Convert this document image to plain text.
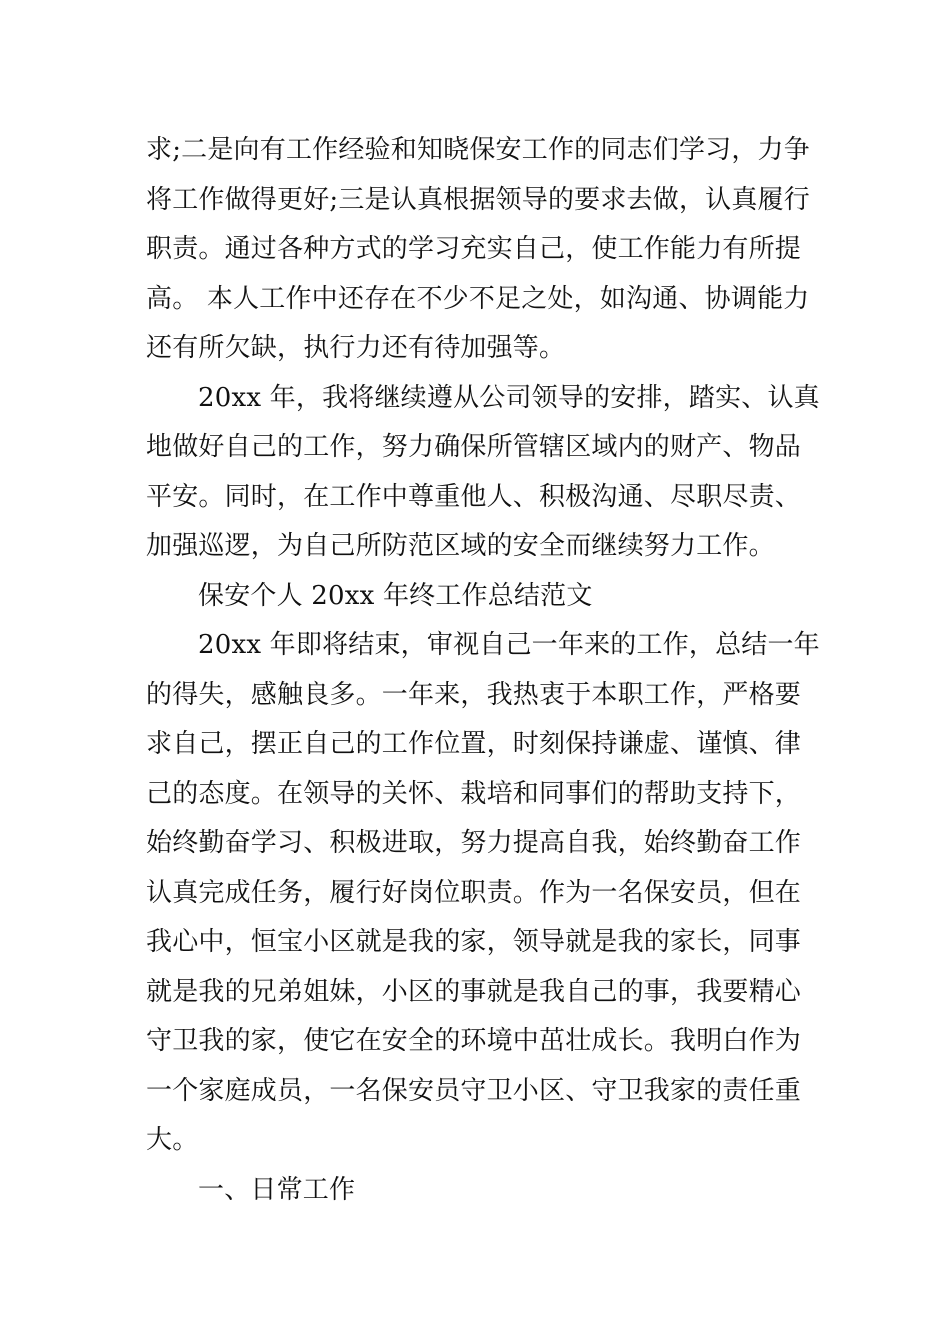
求;二是向有工作经验和知晓保安工作的同志们学习，力争
将工作做得更好;三是认真根据领导的要求去做，认真履行
职责。通过各种方式的学习充实自己，使工作能力有所提
高。 本人工作中还存在不少不足之处，如沟通、协调能力
还有所欠缺，执行力还有待加强等。
20xx 年，我将继续遵从公司领导的安排，踏实、认真
地做好自己的工作，努力确保所管辖区域内的财产、物品
平安。同时，在工作中尊重他人、积极沟通、尽职尽责、
加强巡逻，为自己所防范区域的安全而继续努力工作。
保安个人 20xx 年终工作总结范文
20xx 年即将结束，审视自己一年来的工作，总结一年
的得失，感触良多。一年来，我热衷于本职工作，严格要
求自己，摆正自己的工作位置，时刻保持谦虚、谨慎、律
己的态度。在领导的关怀、栽培和同事们的帮助支持下，
始终勤奋学习、积极进取，努力提高自我，始终勤奋工作
认真完成任务，履行好岗位职责。作为一名保安员，但在
我心中，恒宝小区就是我的家，领导就是我的家长，同事
就是我的兄弟姐妹，小区的事就是我自己的事，我要精心
守卫我的家，使它在安全的环境中茁壮成长。我明白作为
一个家庭成员，一名保安员守卫小区、守卫我家的责任重
大。
一、日常工作
